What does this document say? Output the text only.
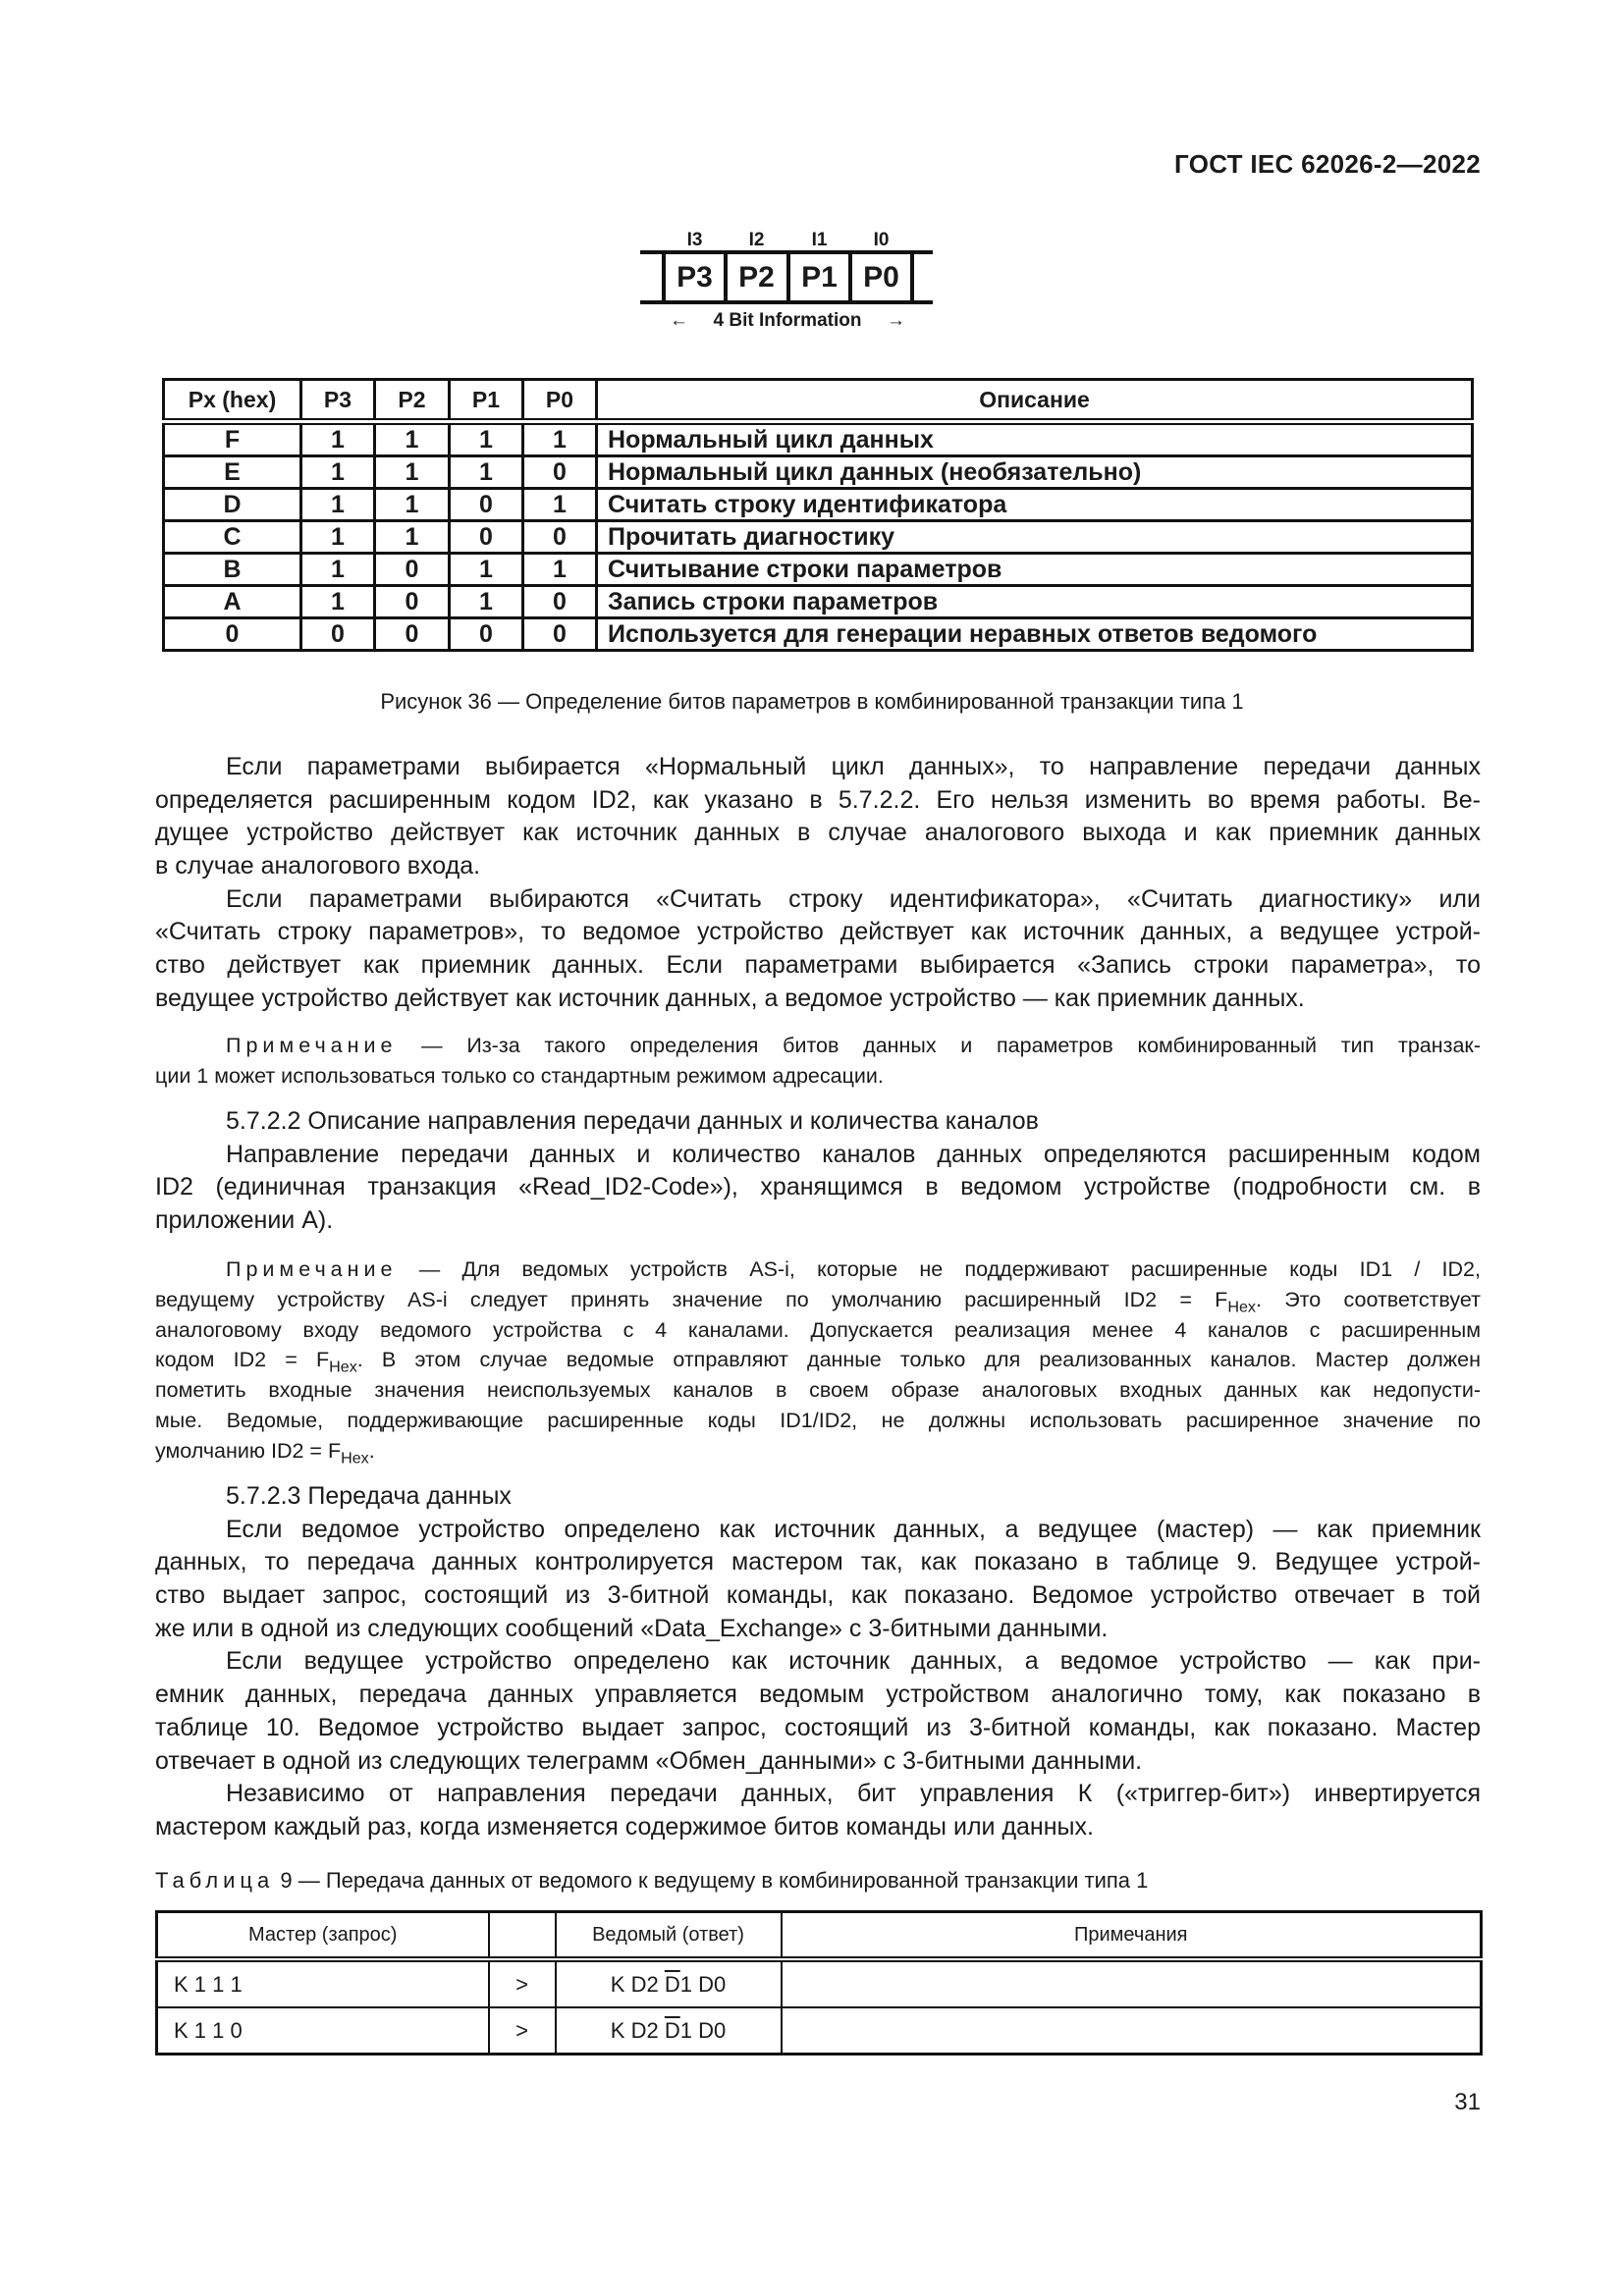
ГОСТ IEC 62026-2—2022
I3	I2	I1	I0
P3 P2 P1 P0
← 4 Bit Information →
Px (hex)	P3	P2	P1	P0	Описание
F	1	1	1	1	Нормальный цикл данных
E	1	1	1	0	Нормальный цикл данных (необязательно)
D	1	1	0	1	Считать строку идентификатора
C	1	1	0	0	Прочитать диагностику
B	1	0	1	1	Считывание строки параметров
A	1	0	1	0	Запись строки параметров
0	0	0	0	0	Используется для генерации неравных ответов ведомого
Рисунок 36 — Определение битов параметров в комбинированной транзакции типа 1
Если параметрами выбирается «Нормальный цикл данных», то направление передачи данных
определяется расширенным кодом ID2, как указано в 5.7.2.2. Его нельзя изменить во время работы. Ве-
дущее устройство действует как источник данных в случае аналогового выхода и как приемник данных
в случае аналогового входа.
Если параметрами выбираются «Считать строку идентификатора», «Считать диагностику» или
«Считать строку параметров», то ведомое устройство действует как источник данных, а ведущее устрой-
ство действует как приемник данных. Если параметрами выбирается «Запись строки параметра», то
ведущее устройство действует как источник данных, а ведомое устройство — как приемник данных.
Примечание — Из-за такого определения битов данных и параметров комбинированный тип транзак-
ции 1 может использоваться только со стандартным режимом адресации.
5.7.2.2 Описание направления передачи данных и количества каналов
Направление передачи данных и количество каналов данных определяются расширенным кодом
ID2 (единичная транзакция «Read_ID2-Code»), хранящимся в ведомом устройстве (подробности см. в
приложении А).
Примечание — Для ведомых устройств AS-i, которые не поддерживают расширенные коды ID1 / ID2,
ведущему устройству AS-i следует принять значение по умолчанию расширенный $ID2 = F_{Hex}$. Это соответствует
аналоговому входу ведомого устройства с 4 каналами. Допускается реализация менее 4 каналов с расширенным
кодом $ID2 = F_{Hex}$. В этом случае ведомые отправляют данные только для реализованных каналов. Мастер должен
пометить входные значения неиспользуемых каналов в своем образе аналоговых входных данных как недопусти-
мые. Ведомые, поддерживающие расширенные коды ID1/ID2, не должны использовать расширенное значение по
умолчанию $ID2 = F_{Hex}$.
5.7.2.3 Передача данных
Если ведомое устройство определено как источник данных, а ведущее (мастер) — как приемник
данных, то передача данных контролируется мастером так, как показано в таблице 9. Ведущее устрой-
ство выдает запрос, состоящий из 3-битной команды, как показано. Ведомое устройство отвечает в той
же или в одной из следующих сообщений «Data_Exchange» с 3-битными данными.
Если ведущее устройство определено как источник данных, а ведомое устройство — как при-
емник данных, передача данных управляется ведомым устройством аналогично тому, как показано в
таблице 10. Ведомое устройство выдает запрос, состоящий из 3-битной команды, как показано. Мастер
отвечает в одной из следующих телеграмм «Обмен_данными» с 3-битными данными.
Независимо от направления передачи данных, бит управления К («триггер-бит») инвертируется
мастером каждый раз, когда изменяется содержимое битов команды или данных.
Таблица 9 — Передача данных от ведомого к ведущему в комбинированной транзакции типа 1
Мастер (запрос)		Ведомый (ответ)	Примечания
K 1 1 1	>	K D2 $\overline{D}1$ D0	
K 1 1 0	>	K D2 $\overline{D}1$ D0	
31
